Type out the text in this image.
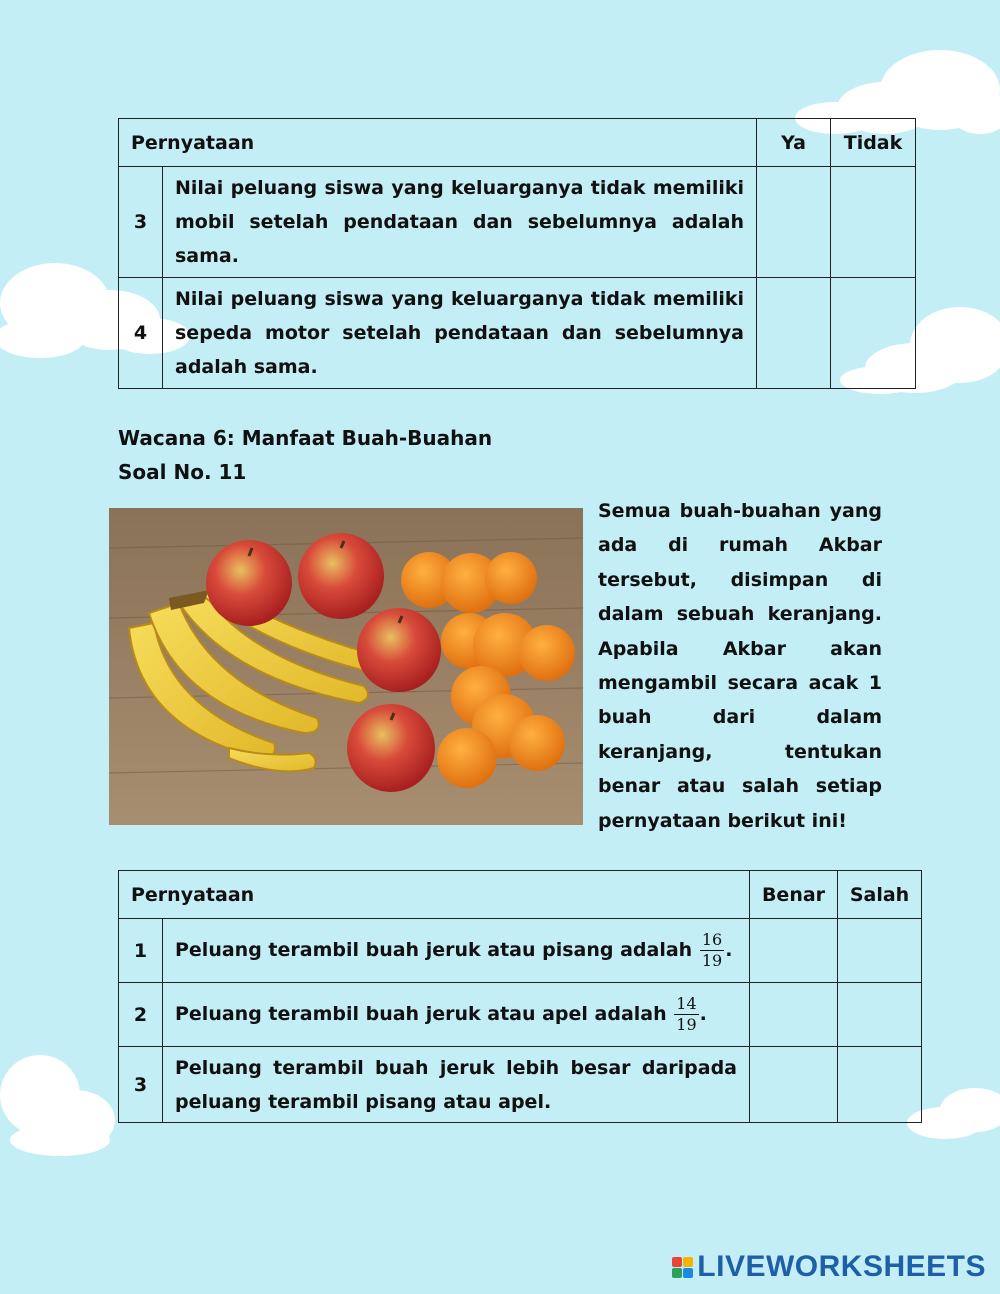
Pernyataan		Ya	Tidak
3	Nilai peluang siswa yang keluarganya tidak memiliki mobil setelah pendataan dan sebelumnya adalah sama.		
4	Nilai peluang siswa yang keluarganya tidak memiliki sepeda motor setelah pendataan dan sebelumnya adalah sama.		
Wacana 6: Manfaat Buah-Buahan
Soal No. 11

Semua buah-buahan yang ada di rumah Akbar tersebut, disimpan di dalam sebuah keranjang. Apabila Akbar akan mengambil secara acak 1 buah dari dalam keranjang, tentukan benar atau salah setiap pernyataan berikut ini!

Pernyataan		Benar	Salah
1	Peluang terambil buah jeruk atau pisang adalah $\frac{16}{19}$ .		
2	Peluang terambil buah jeruk atau apel adalah $\frac{14}{19}$ .		
3	Peluang terambil buah jeruk lebih besar daripada peluang terambil pisang atau apel.		
LIVEWORKSHEETS
